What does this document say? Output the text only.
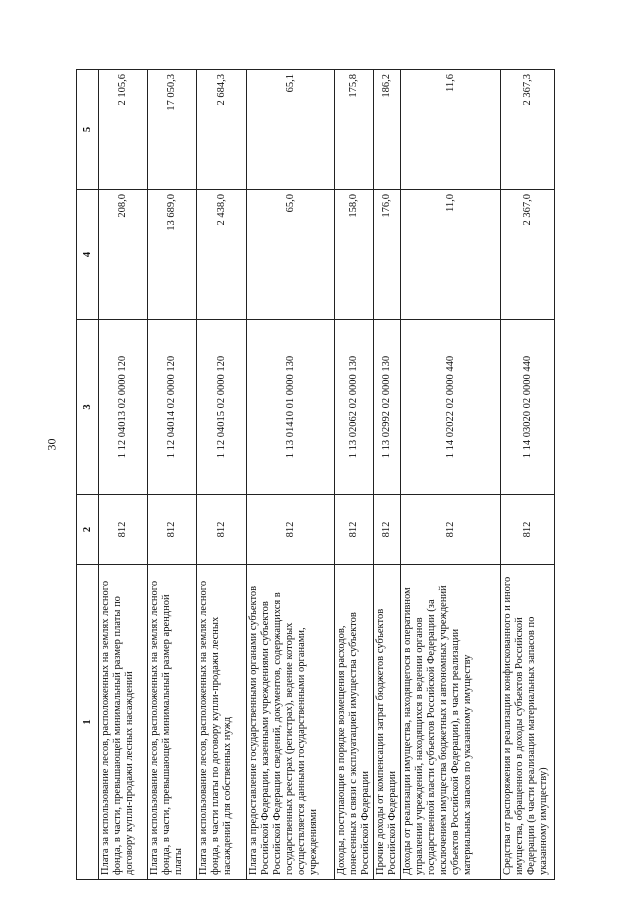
30
1	2	3	4	5
Плата за использование лесов, расположенных на землях лесного фонда, в части, превышающей минимальный размер платы по договору купли-продажи лесных насаждений	812	1 12 04013 02 0000 120	208,0	2 105,6
Плата за использование лесов, расположенных на землях лесного фонда, в части, превышающей минимальный размер арендной платы	812	1 12 04014 02 0000 120	13 689,0	17 050,3
Плата за использование лесов, расположенных на землях лесного фонда, в части платы по договору купли-продажи лесных насаждений для собственных нужд	812	1 12 04015 02 0000 120	2 438,0	2 684,3
Плата за предоставление государственными органами субъектов Российской Федерации, казенными учреждениями субъектов Российской Федерации сведений, документов, содержащихся в государственных реестрах (регистрах), ведение которых осуществляется данными государственными органами, учреждениями	812	1 13 01410 01 0000 130	65,0	65,1
Доходы, поступающие в порядке возмещения расходов, понесенных в связи с эксплуатацией имущества субъектов Российской Федерации	812	1 13 02062 02 0000 130	158,0	175,8
Прочие доходы от компенсации затрат бюджетов субъектов Российской Федерации	812	1 13 02992 02 0000 130	176,0	186,2
Доходы от реализации имущества, находящегося в оперативном управлении учреждений, находящихся в ведении органов государственной власти субъектов Российской Федерации (за исключением имущества бюджетных и автономных учреждений субъектов Российской Федерации), в части реализации материальных запасов по указанному имуществу	812	1 14 02022 02 0000 440	11,0	11,6
Средства от распоряжения и реализации конфискованного и иного имущества, обращенного в доходы субъектов Российской Федерации (в части реализации материальных запасов по указанному имуществу)	812	1 14 03020 02 0000 440	2 367,0	2 367,3
